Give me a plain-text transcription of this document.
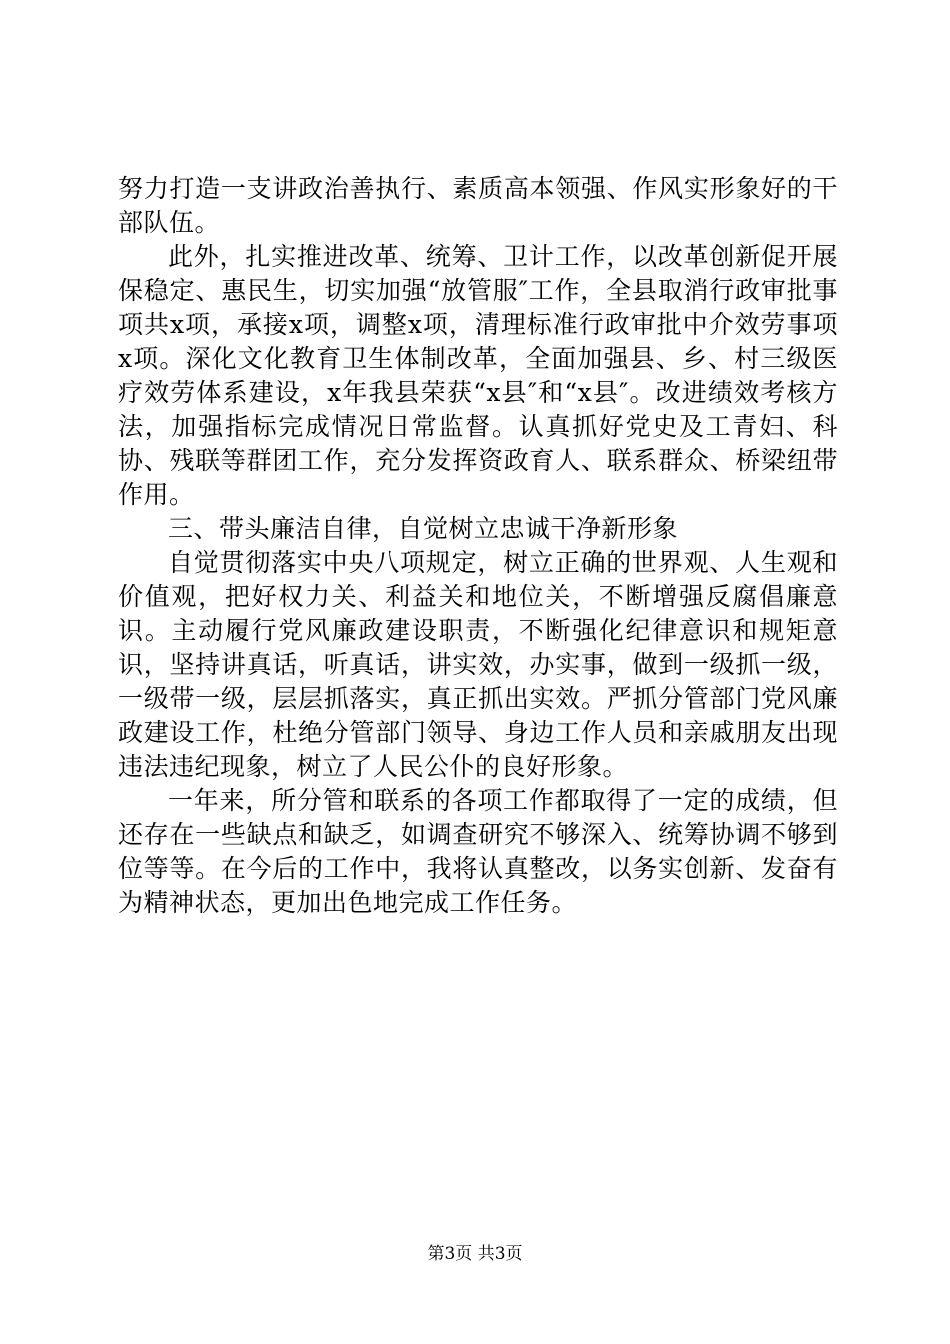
努力打造一支讲政治善执行、素质高本领强、作风实形象好的干部队伍。

此外，扎实推进改革、统筹、卫计工作，以改革创新促开展保稳定、惠民生，切实加强“放管服″工作，全县取消行政审批事项共x项，承接x项，调整x项，清理标准行政审批中介效劳事项x项。深化文化教育卫生体制改革，全面加强县、乡、村三级医疗效劳体系建设，x年我县荣获“x县″和“x县″。改进绩效考核方法，加强指标完成情况日常监督。认真抓好党史及工青妇、科协、残联等群团工作，充分发挥资政育人、联系群众、桥梁纽带作用。

三、带头廉洁自律，自觉树立忠诚干净新形象

自觉贯彻落实中央八项规定，树立正确的世界观、人生观和价值观，把好权力关、利益关和地位关，不断增强反腐倡廉意识。主动履行党风廉政建设职责，不断强化纪律意识和规矩意识，坚持讲真话，听真话，讲实效，办实事，做到一级抓一级，一级带一级，层层抓落实，真正抓出实效。严抓分管部门党风廉政建设工作，杜绝分管部门领导、身边工作人员和亲戚朋友出现违法违纪现象，树立了人民公仆的良好形象。

一年来，所分管和联系的各项工作都取得了一定的成绩，但还存在一些缺点和缺乏，如调查研究不够深入、统筹协调不够到位等等。在今后的工作中，我将认真整改，以务实创新、发奋有为精神状态，更加出色地完成工作任务。

第3页 共3页
